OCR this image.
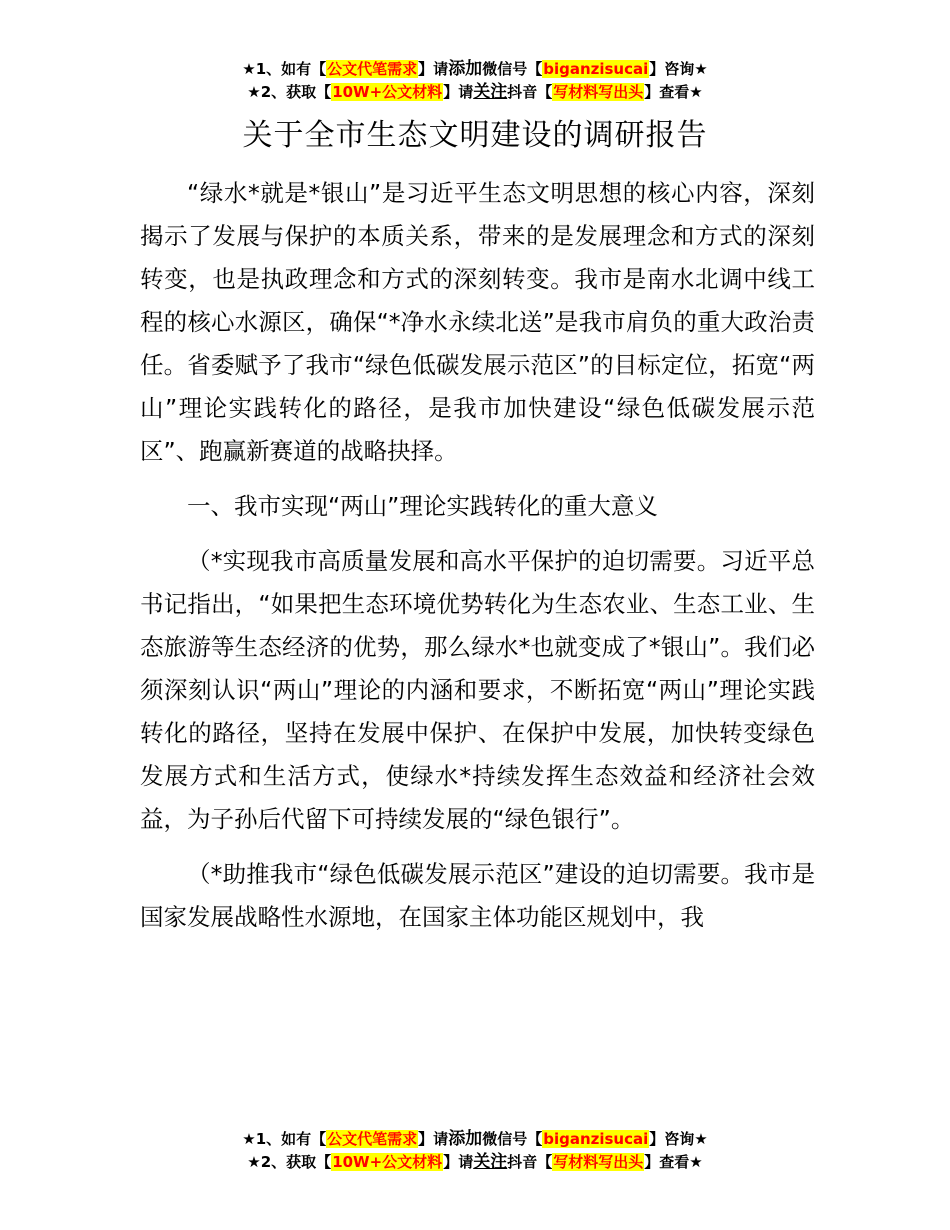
★1、如有【公文代笔需求】请添加微信号【biganzisucai】咨询★
★2、获取【10W+公文材料】请关注抖音【写材料写出头】查看★
关于全市生态文明建设的调研报告

“绿水*就是*银山”是习近平生态文明思想的核心内容，深刻揭示了发展与保护的本质关系，带来的是发展理念和方式的深刻转变，也是执政理念和方式的深刻转变。我市是南水北调中线工程的核心水源区，确保“*净水永续北送”是我市肩负的重大政治责任。省委赋予了我市“绿色低碳发展示范区”的目标定位，拓宽“两山”理论实践转化的路径，是我市加快建设“绿色低碳发展示范区”、跑赢新赛道的战略抉择。

一、我市实现“两山”理论实践转化的重大意义

（*实现我市高质量发展和高水平保护的迫切需要。习近平总书记指出，“如果把生态环境优势转化为生态农业、生态工业、生态旅游等生态经济的优势，那么绿水*也就变成了*银山”。我们必须深刻认识“两山”理论的内涵和要求，不断拓宽“两山”理论实践转化的路径，坚持在发展中保护、在保护中发展，加快转变绿色发展方式和生活方式，使绿水*持续发挥生态效益和经济社会效益，为子孙后代留下可持续发展的“绿色银行”。

（*助推我市“绿色低碳发展示范区”建设的迫切需要。我市是国家发展战略性水源地，在国家主体功能区规划中，我

★1、如有【公文代笔需求】请添加微信号【biganzisucai】咨询★
★2、获取【10W+公文材料】请关注抖音【写材料写出头】查看★
